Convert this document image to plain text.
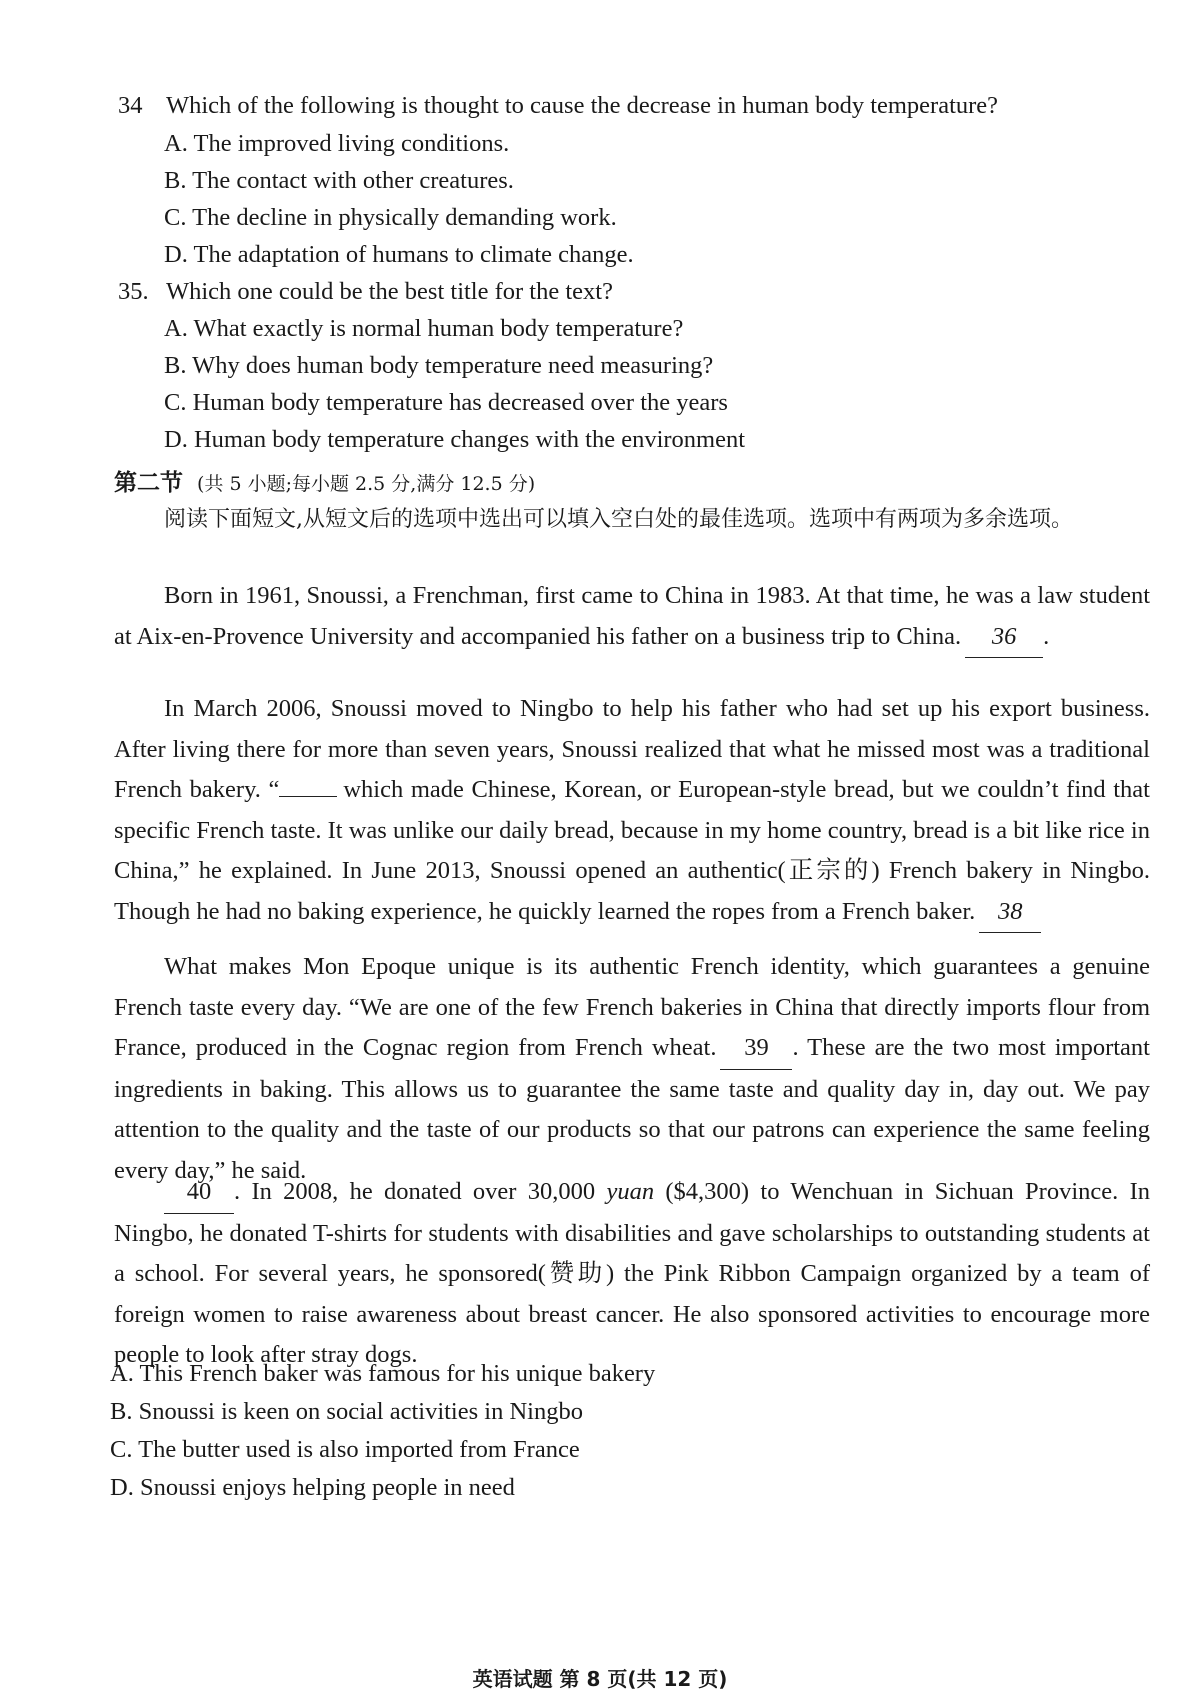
34 Which of the following is thought to cause the decrease in human body temperature?
A. The improved living conditions.
B. The contact with other creatures.
C. The decline in physically demanding work.
D. The adaptation of humans to climate change.
35. Which one could be the best title for the text?
A. What exactly is normal human body temperature?
B. Why does human body temperature need measuring?
C. Human body temperature has decreased over the years
D. Human body temperature changes with the environment
第二节 (共 5 小题;每小题 2.5 分,满分 12.5 分)
阅读下面短文,从短文后的选项中选出可以填入空白处的最佳选项。选项中有两项为多余选项。
Born in 1961, Snoussi, a Frenchman, first came to China in 1983. At that time, he was a law student at Aix-en-Provence University and accompanied his father on a business trip to China. 36 .
In March 2006, Snoussi moved to Ningbo to help his father who had set up his export business. After living there for more than seven years, Snoussi realized that what he missed most was a traditional French bakery. “	which made Chinese, Korean, or European-style bread, but we couldn’t find that specific French taste. It was unlike our daily bread, because in my home country, bread is a bit like rice in China,” he explained. In June 2013, Snoussi opened an authentic(正宗的) French bakery in Ningbo. Though he had no baking experience, he quickly learned the ropes from a French baker. 38
What makes Mon Epoque unique is its authentic French identity, which guarantees a genuine French taste every day. “We are one of the few French bakeries in China that directly imports flour from France, produced in the Cognac region from French wheat. 39 . These are the two most important ingredients in baking. This allows us to guarantee the same taste and quality day in, day out. We pay attention to the quality and the taste of our products so that our patrons can experience the same feeling every day,” he said.
40 . In 2008, he donated over 30,000 yuan ($4,300) to Wenchuan in Sichuan Province. In Ningbo, he donated T-shirts for students with disabilities and gave scholarships to outstanding students at a school. For several years, he sponsored(赞助) the Pink Ribbon Campaign organized by a team of foreign women to raise awareness about breast cancer. He also sponsored activities to encourage more people to look after stray dogs.
A. This French baker was famous for his unique bakery
B. Snoussi is keen on social activities in Ningbo
C. The butter used is also imported from France
D. Snoussi enjoys helping people in need
英语试题 第 8 页(共 12 页)
